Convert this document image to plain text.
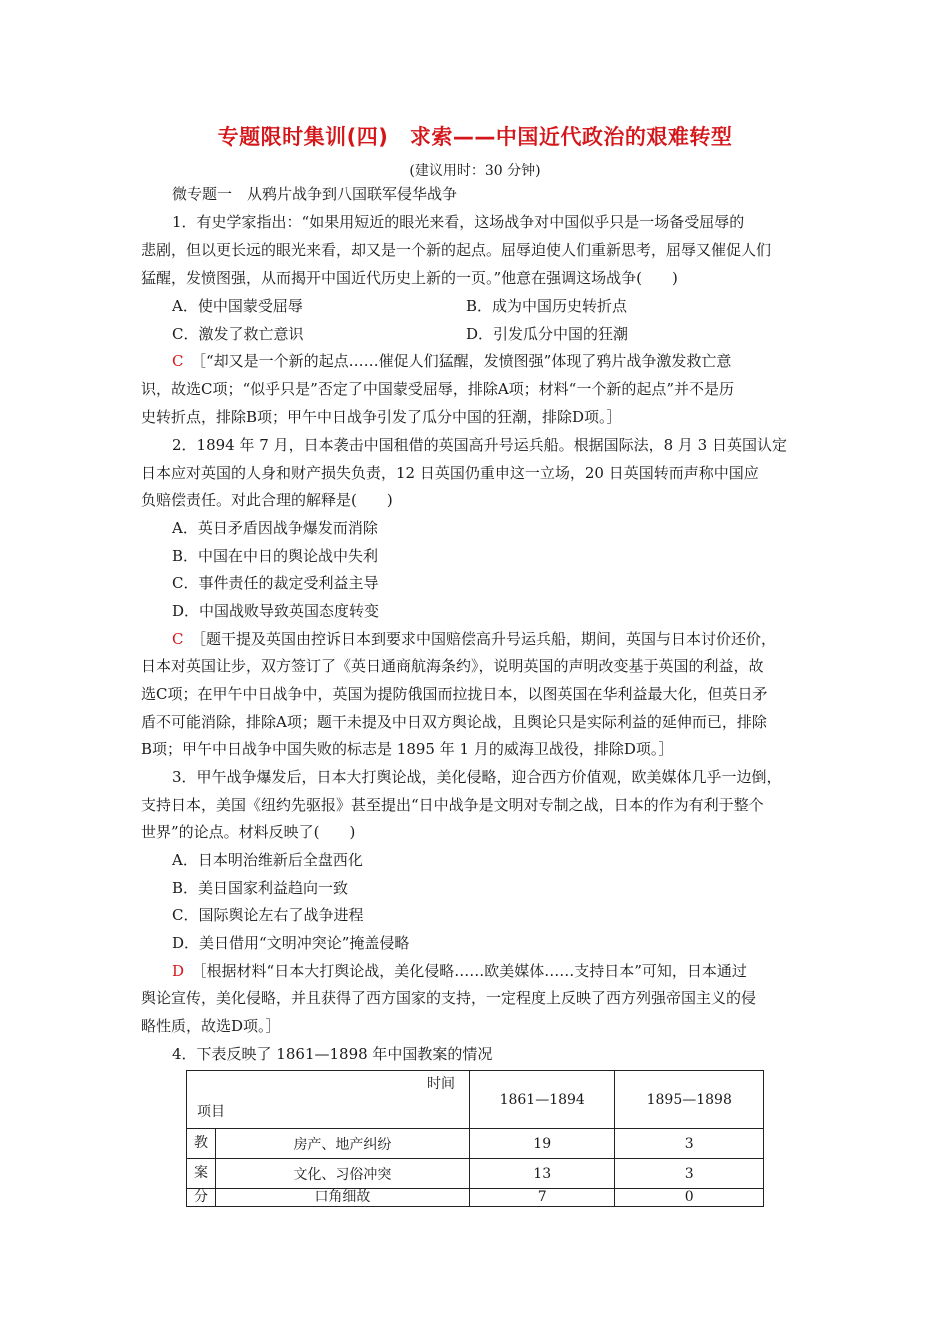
专题限时集训(四)　求索——中国近代政治的艰难转型
(建议用时：30 分钟)
微专题一　从鸦片战争到八国联军侵华战争
1．有史学家指出：“如果用短近的眼光来看，这场战争对中国似乎只是一场备受屈辱的
悲剧，但以更长远的眼光来看，却又是一个新的起点。屈辱迫使人们重新思考，屈辱又催促人们
猛醒，发愤图强，从而揭开中国近代历史上新的一页。”他意在强调这场战争(　　)
A．使中国蒙受屈辱	B．成为中国历史转折点
C．激发了救亡意识	D．引发瓜分中国的狂潮
C　 ［“却又是一个新的起点……催促人们猛醒，发愤图强”体现了鸦片战争激发救亡意
识，故选C项；“似乎只是”否定了中国蒙受屈辱，排除A项；材料“一个新的起点”并不是历
史转折点，排除B项；甲午中日战争引发了瓜分中国的狂潮，排除D项。］
2．1894 年 7 月，日本袭击中国租借的英国高升号运兵船。根据国际法，8 月 3 日英国认定
日本应对英国的人身和财产损失负责，12 日英国仍重申这一立场，20 日英国转而声称中国应
负赔偿责任。对此合理的解释是(　　)
A．英日矛盾因战争爆发而消除
B．中国在中日的舆论战中失利
C．事件责任的裁定受利益主导
D．中国战败导致英国态度转变
C　 ［题干提及英国由控诉日本到要求中国赔偿高升号运兵船，期间，英国与日本讨价还价，
日本对英国让步，双方签订了《英日通商航海条约》，说明英国的声明改变基于英国的利益，故
选C项；在甲午中日战争中，英国为提防俄国而拉拢日本，以图英国在华利益最大化，但英日矛
盾不可能消除，排除A项；题干未提及中日双方舆论战，且舆论只是实际利益的延伸而已，排除
B项；甲午中日战争中国失败的标志是 1895 年 1 月的威海卫战役，排除D项。］
3．甲午战争爆发后，日本大打舆论战，美化侵略，迎合西方价值观，欧美媒体几乎一边倒，
支持日本，美国《纽约先驱报》甚至提出“日中战争是文明对专制之战，日本的作为有利于整个
世界”的论点。材料反映了(　　)
A．日本明治维新后全盘西化
B．美日国家利益趋向一致
C．国际舆论左右了战争进程
D．美日借用“文明冲突论”掩盖侵略
D　 ［根据材料“日本大打舆论战，美化侵略……欧美媒体……支持日本”可知，日本通过
舆论宣传，美化侵略，并且获得了西方国家的支持，一定程度上反映了西方列强帝国主义的侵
略性质，故选D项。］
4．下表反映了 1861—1898 年中国教案的情况
时间
项目		1861—1894	1895—1898
教	房产、地产纠纷	19	3
案	文化、习俗冲突	13	3
分	口角细故	7	0
